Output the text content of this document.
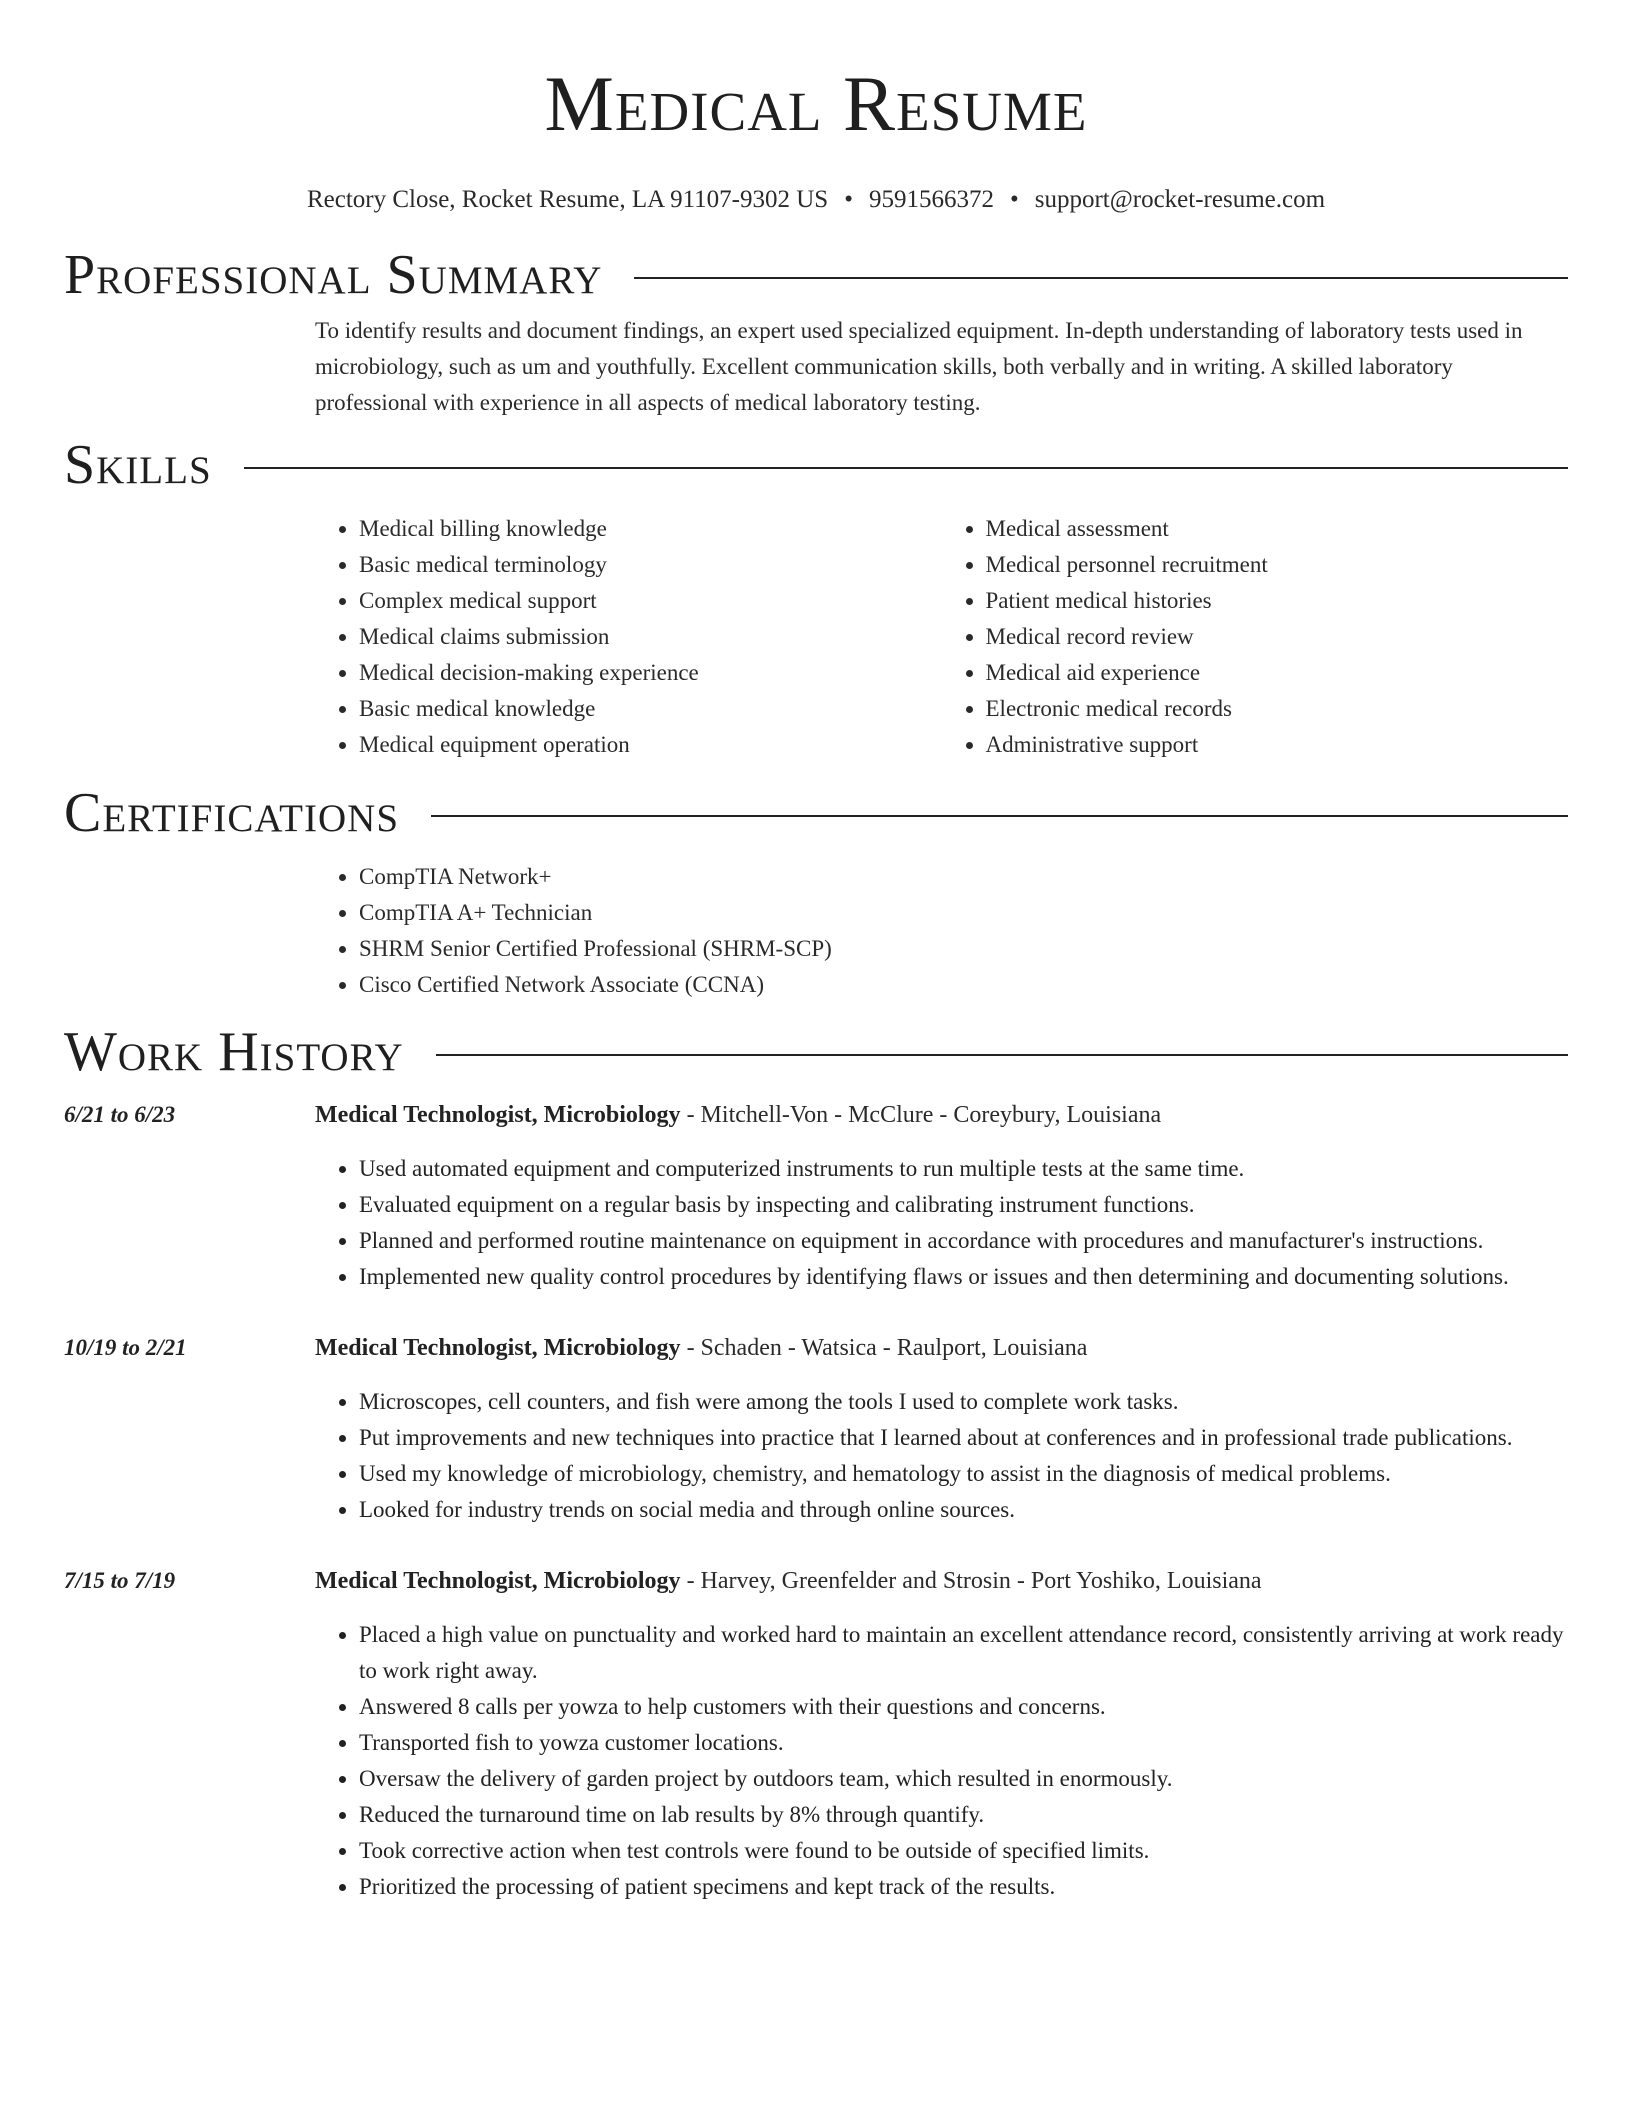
Medical Resume
Rectory Close, Rocket Resume, LA 91107-9302 US • 9591566372 • support@rocket-resume.com
Professional Summary

To identify results and document findings, an expert used specialized equipment. In-depth understanding of laboratory tests used in microbiology, such as um and youthfully. Excellent communication skills, both verbally and in writing. A skilled laboratory professional with experience in all aspects of medical laboratory testing.

Skills
• Medical billing knowledge
• Basic medical terminology
• Complex medical support
• Medical claims submission
• Medical decision-making experience
• Basic medical knowledge
• Medical equipment operation
• Medical assessment
• Medical personnel recruitment
• Patient medical histories
• Medical record review
• Medical aid experience
• Electronic medical records
• Administrative support
Certifications
• CompTIA Network+
• CompTIA A+ Technician
• SHRM Senior Certified Professional (SHRM-SCP)
• Cisco Certified Network Associate (CCNA)
Work History
6/21 to 6/23	Medical Technologist, Microbiology - Mitchell-Von - McClure - Coreybury, Louisiana
• Used automated equipment and computerized instruments to run multiple tests at the same time.
• Evaluated equipment on a regular basis by inspecting and calibrating instrument functions.
• Planned and performed routine maintenance on equipment in accordance with procedures and manufacturer's instructions.
• Implemented new quality control procedures by identifying flaws or issues and then determining and documenting solutions.
10/19 to 2/21	Medical Technologist, Microbiology - Schaden - Watsica - Raulport, Louisiana
• Microscopes, cell counters, and fish were among the tools I used to complete work tasks.
• Put improvements and new techniques into practice that I learned about at conferences and in professional trade publications.
• Used my knowledge of microbiology, chemistry, and hematology to assist in the diagnosis of medical problems.
• Looked for industry trends on social media and through online sources.
7/15 to 7/19	Medical Technologist, Microbiology - Harvey, Greenfelder and Strosin - Port Yoshiko, Louisiana
• Placed a high value on punctuality and worked hard to maintain an excellent attendance record, consistently arriving at work ready to work right away.
• Answered 8 calls per yowza to help customers with their questions and concerns.
• Transported fish to yowza customer locations.
• Oversaw the delivery of garden project by outdoors team, which resulted in enormously.
• Reduced the turnaround time on lab results by 8% through quantify.
• Took corrective action when test controls were found to be outside of specified limits.
• Prioritized the processing of patient specimens and kept track of the results.
